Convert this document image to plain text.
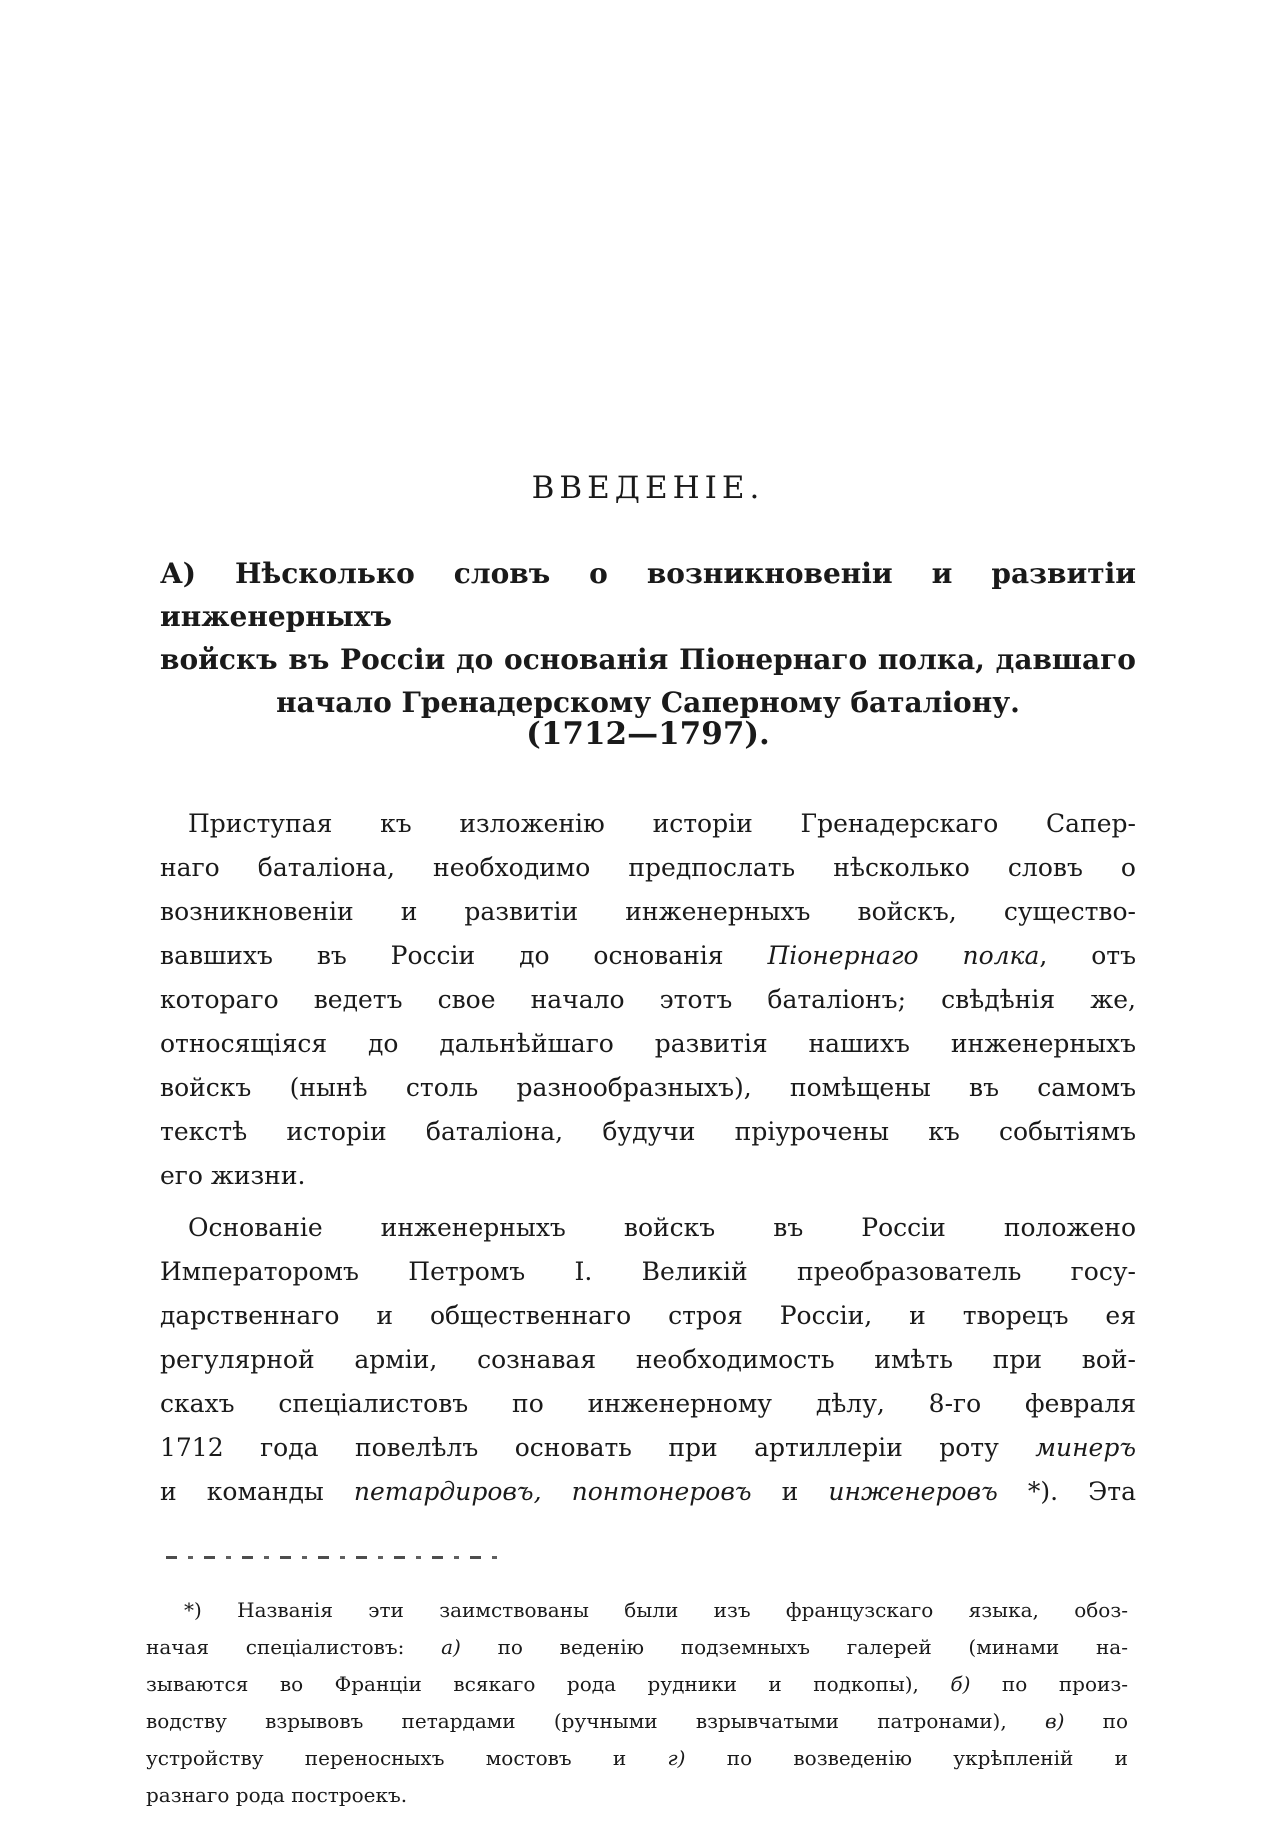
ВВЕДЕНІЕ.
А) Нѣсколько словъ о возникновеніи и развитіи инженерныхъ
войскъ въ Россіи до основанія Піонернаго полка, давшаго
начало Гренадерскому Саперному баталіону.
(1712—1797).
Приступая къ изложенію исторіи Гренадерскаго Сапер-
наго баталіона, необходимо предпослать нѣсколько словъ о
возникновеніи и развитіи инженерныхъ войскъ, существо-
вавшихъ въ Россіи до основанія Піонернаго полка, отъ
котораго ведетъ свое начало этотъ баталіонъ; свѣдѣнія же,
относящіяся до дальнѣйшаго развитія нашихъ инженерныхъ
войскъ (нынѣ столь разнообразныхъ), помѣщены въ самомъ
текстѣ исторіи баталіона, будучи пріурочены къ событіямъ
его жизни.
Основаніе инженерныхъ войскъ въ Россіи положено
Императоромъ Петромъ I. Великій преобразователь госу-
дарственнаго и общественнаго строя Россіи, и творецъ ея
регулярной арміи, сознавая необходимость имѣть при вой-
скахъ спеціалистовъ по инженерному дѣлу, 8-го февраля
1712 года повелѣлъ основать при артиллеріи роту минеръ
и команды петардировъ, понтонеровъ и инженеровъ *). Эта
*) Названія эти заимствованы были изъ французскаго языка, обоз-
начая спеціалистовъ: а) по веденію подземныхъ галерей (минами на-
зываются во Франціи всякаго рода рудники и подкопы), б) по произ-
водству взрывовъ петардами (ручными взрывчатыми патронами), в) по
устройству переносныхъ мостовъ и г) по возведенію укрѣпленій и
разнаго рода построекъ.
